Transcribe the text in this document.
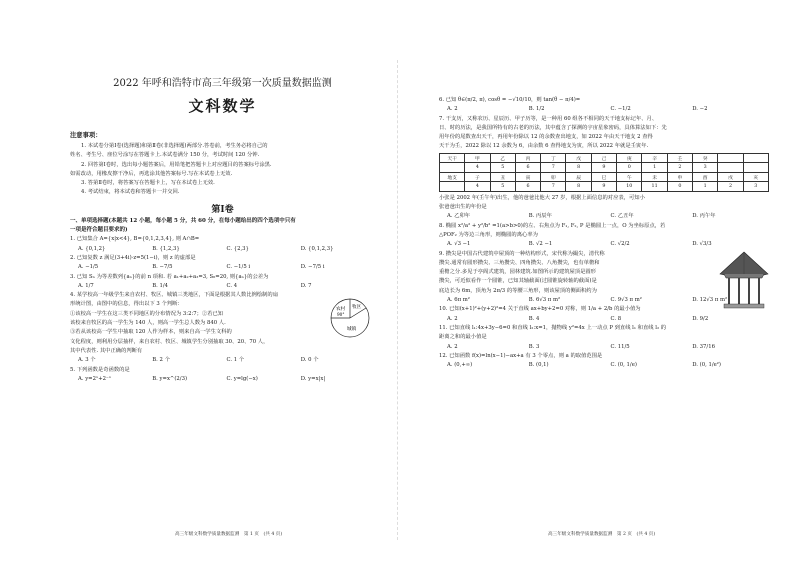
2022 年呼和浩特市高三年级第一次质量数据监测

文科数学

注意事项：

1. 本试卷分第Ⅰ卷(选择题)和第Ⅱ卷(非选择题)两部分.答卷前，考生务必将自己的

姓名、考生号、座位号涂写在答题卡上.本试卷满分 150 分，考试时间 120 分钟.

2. 回答第Ⅰ卷时，选出每小题答案后，用铅笔把答题卡上对应题目的答案标号涂黑.

如需改动，用橡皮擦干净后，再选涂其他答案标号.写在本试卷上无效.

3. 答第Ⅱ卷时，将答案写在答题卡上，写在本试卷上无效.

4. 考试结束，将本试卷和答题卡一并交回.

第Ⅰ卷

一、单项选择题(本题共 12 小题，每小题 5 分，共 60 分，在每小题给出的四个选项中只有

一项是符合题目要求的)

1. 已知集合 A={x|x<4}, B={0,1,2,3,4}, 则 A∩B=

A. {0,1,2}	B. {1,2,3}	C. {2,3}	D. {0,1,2,3}

2. 已知复数 z 满足(3+4i)·z=5(1−i)，则 z 的虚部是

A. −1/5	B. −7/5	C. −1/5 i	D. −7/5 i

3. 已知 Sₙ 为等差数列{aₙ}的前 n 项和. 若 a₁+a₂+a₃=3, S₆=20, 则{aₙ}的公差为

A. 1/7	B. 1/4	C. 4	D. 7

4. 某学校高一年级学生来自农村、牧区、城镇三类地区，下面是根据其人数比例绘制的扇

形统计图，由图中的信息，得出以下 3 个判断：

①该校高一学生在这三类不同地区的分布情况为 3:2:7；②若已知

该校来自牧区的高一学生为 140 人，则高一学生总人数为 840 人.

③若从该校高一学生中抽取 120 人作为样本，则来自高一学生文科的

文化程度，则利用分层抽样，来自农村、牧区、城镇学生分别抽取 30、20、70 人，

其中代表性. 其中正确的判断有

农村
90°
牧区
城镇
A. 3 个	B. 2 个	C. 1 个	D. 0 个

5. 下列函数是奇函数的是

A. y=2ˣ+2⁻ˣ	B. y=x^(2/3)	C. y=lg(−x)	D. y=x|x|

6. 已知 θ∈(π/2, π), cosθ = −√10/10，则 tan(θ − π/4)=

A. 2	B. 1/2	C. −1/2	D. −2

7. 干支历，又称农历、星辰历、甲子历等，是一种用 60 组各不相同的天干地支标记年、月、

日、时的历法，是我国所特有的古老的历法，其中蕴含了探测的宇宙星象密码，具体算法如下：先

用年份的尾数查出天干，再用年份除以 12 的余数查出地支，如 2022 年由天干地支 2 查得

天干为壬，2022 除以 12 余数为 6，由余数 6 查得地支为寅，所以 2022 年就是壬寅年.

天干	甲	乙	丙	丁	戊	己	庚	辛	壬	癸		
	4	5	6	7	8	9	0	1	2	3		
地支	子	丑	寅	卯	辰	巳	午	未	申	酉	戌	亥
	4	5	6	7	8	9	10	11	0	1	2	3

小张是 2002 年(壬午年)出生，他的爸爸比他大 27 岁，根据上面信息的对应表，可知小

张爸爸出生的年份是

A. 乙卯年	B. 丙辰年	C. 乙丑年	D. 丙午年

8. 椭圆 x²/a² + y²/b² =1(a>b>0)的左、右焦点为 F₁, F₂, P 是椭圆上一点，O 为坐标原点，若

△POF₂ 为等边三角形，则椭圆的离心率为

A. √3 −1	B. √2 −1	C. √2/2	D. √3/3

9. 攒尖是中国古代建筑中屋顶的一种结构形式，宋代称为撮尖，清代称

攒尖.通常有圆形攒尖、三角攒尖、四角攒尖、八角攒尖，也有单檐和

重檐之分.多见于亭阁式建筑，园林建筑.如图所示的建筑屋顶是圆形

攒尖，可近似看作一个圆锥，已知其轴截面(过圆锥旋转轴的截面)是

底边长为 6m，顶角为 2π/3 的等腰三角形，则该屋顶的侧面积约为

A. 6π m²	B. 6√3 π m²	C. 9√3 π m²	D. 12√3 π m²

10. 已知(x+1)²+(y+2)²=4 关于直线 ax+by+2=0 对称，则 1/a + 2/b 的最小值为

A. 2	B. 4	C. 8	D. 9/2

11. 已知直线 l₁:4x+3y−6=0 和直线 l₂:x=1，抛物线 y²=4x 上一动点 P 到直线 l₁ 和直线 l₂ 的

距离之和的最小值是

A. 2	B. 3	C. 11/5	D. 37/16

12. 已知函数 f(x)=ln(x−1)−ax+a 有 3 个零点，则 a 的取值范围是

A. (0,+∞)	B. (0,1)	C. (0, 1/e)	D. (0, 1/e²)
高三年级文科数学质量数据监测　第 1 页　(共 4 页)	高三年级文科数学质量数据监测　第 2 页　(共 4 页)
